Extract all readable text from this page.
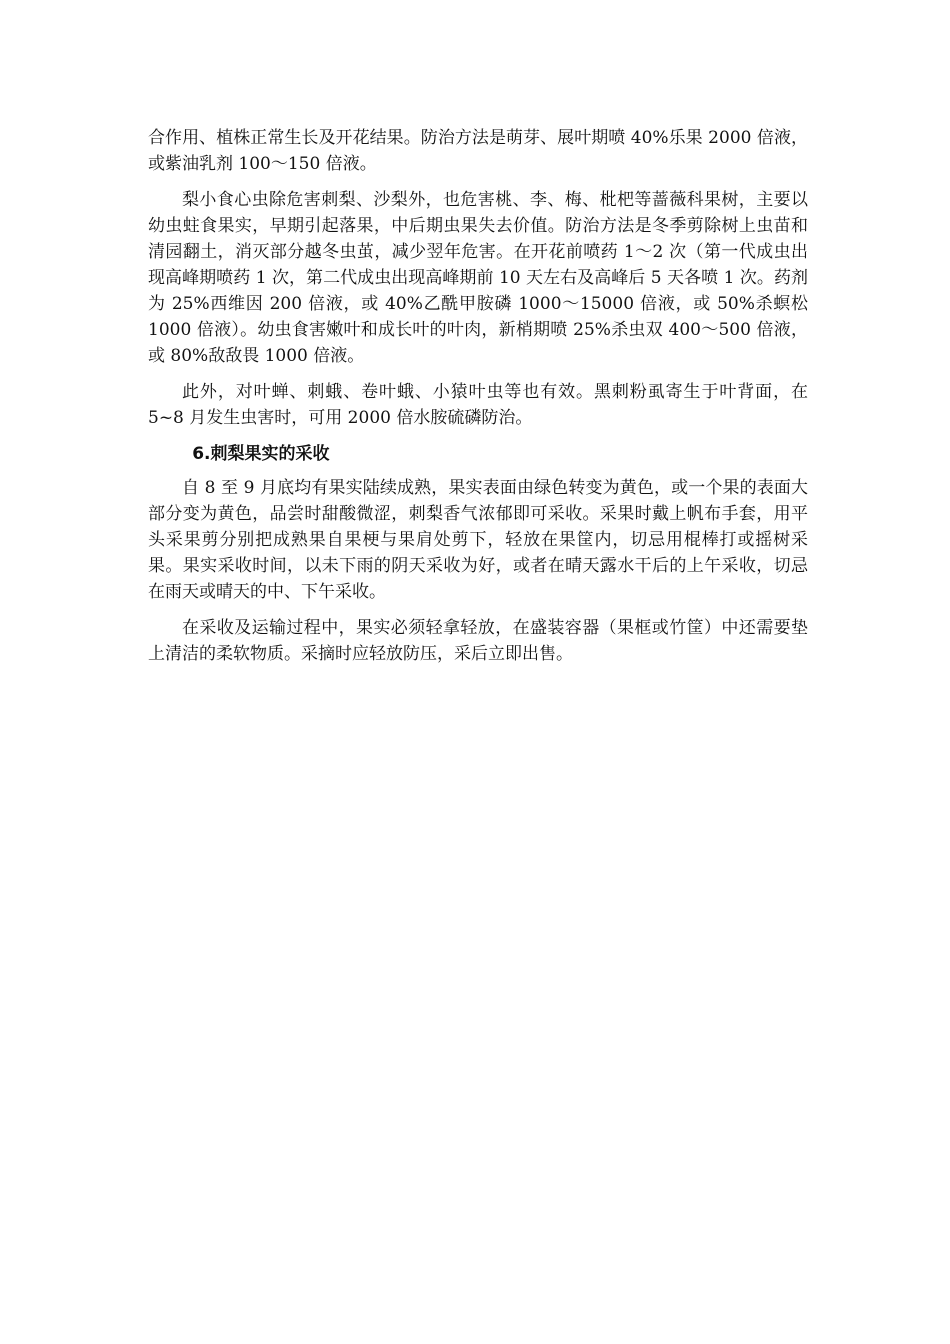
合作用、植株正常生长及开花结果。防治方法是萌芽、展叶期喷 40%乐果 2000 倍液，或紫油乳剂 100～150 倍液。

梨小食心虫除危害刺梨、沙梨外，也危害桃、李、梅、枇杷等蔷薇科果树，主要以幼虫蛀食果实，早期引起落果，中后期虫果失去价值。防治方法是冬季剪除树上虫苗和清园翻土，消灭部分越冬虫茧，减少翌年危害。在开花前喷药 1～2 次（第一代成虫出现高峰期喷药 1 次，第二代成虫出现高峰期前 10 天左右及高峰后 5 天各喷 1 次。药剂为 25%西维因 200 倍液，或 40%乙酰甲胺磷 1000～15000 倍液，或 50%杀螟松 1000 倍液）。幼虫食害嫩叶和成长叶的叶肉，新梢期喷 25%杀虫双 400～500 倍液，或 80%敌敌畏 1000 倍液。

此外，对叶蝉、刺蛾、卷叶蛾、小猿叶虫等也有效。黑刺粉虱寄生于叶背面，在 5~8 月发生虫害时，可用 2000 倍水胺硫磷防治。

6.刺梨果实的采收

自 8 至 9 月底均有果实陆续成熟，果实表面由绿色转变为黄色，或一个果的表面大部分变为黄色，品尝时甜酸微涩，刺梨香气浓郁即可采收。采果时戴上帆布手套，用平头采果剪分别把成熟果自果梗与果肩处剪下，轻放在果筐内，切忌用棍棒打或摇树采果。果实采收时间，以未下雨的阴天采收为好，或者在晴天露水干后的上午采收，切忌在雨天或晴天的中、下午采收。

在采收及运输过程中，果实必须轻拿轻放，在盛装容器（果框或竹筐）中还需要垫上清洁的柔软物质。采摘时应轻放防压，采后立即出售。
